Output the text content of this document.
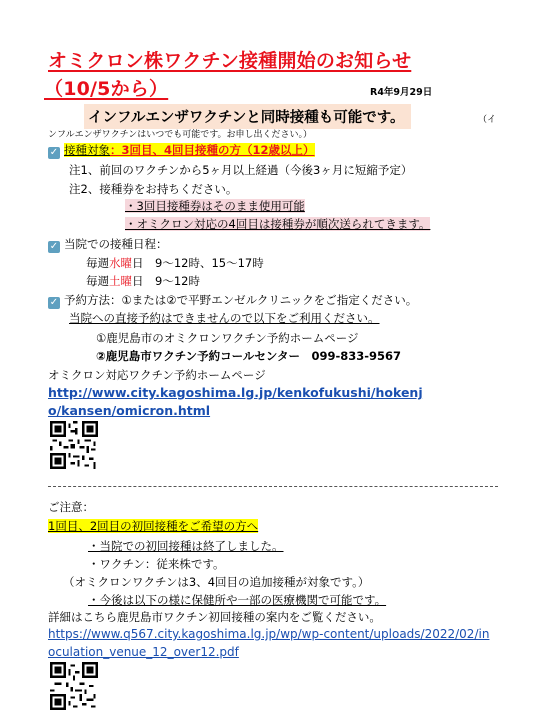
オミクロン株ワクチン接種開始のお知らせ
（10/5から）	R4年9月29日
インフルエンザワクチンと同時接種も可能です。	（イ
ンフルエンザワクチンはいつでも可能です。お申し出ください。）
✓ 接種対象：3回目、4回目接種の方（12歳以上）
注1、前回のワクチンから5ヶ月以上経過（今後3ヶ月に短縮予定）
注2、接種券をお持ちください。
・3回目接種券はそのまま使用可能
・オミクロン対応の4回目は接種券が順次送られてきます。
✓ 当院での接種日程：
毎週水曜日　9～12時、15～17時
毎週土曜日　9～12時
✓ 予約方法：①または②で平野エンゼルクリニックをご指定ください。
当院への直接予約はできませんので以下をご利用ください。
①鹿児島市のオミクロンワクチン予約ホームページ
②鹿児島市ワクチン予約コールセンター　099-833-9567
オミクロン対応ワクチン予約ホームページ
http://www.city.kagoshima.lg.jp/kenkofukushi/hokenj
o/kansen/omicron.html
ご注意：
1回目、2回目の初回接種をご希望の方へ
・当院での初回接種は終了しました。
・ワクチン：従来株です。
（オミクロンワクチンは3、4回目の追加接種が対象です。）
・今後は以下の様に保健所や一部の医療機関で可能です。
詳細はこちら鹿児島市ワクチン初回接種の案内をご覧ください。
https://www.q567.city.kagoshima.lg.jp/wp/wp-content/uploads/2022/02/in
oculation_venue_12_over12.pdf
